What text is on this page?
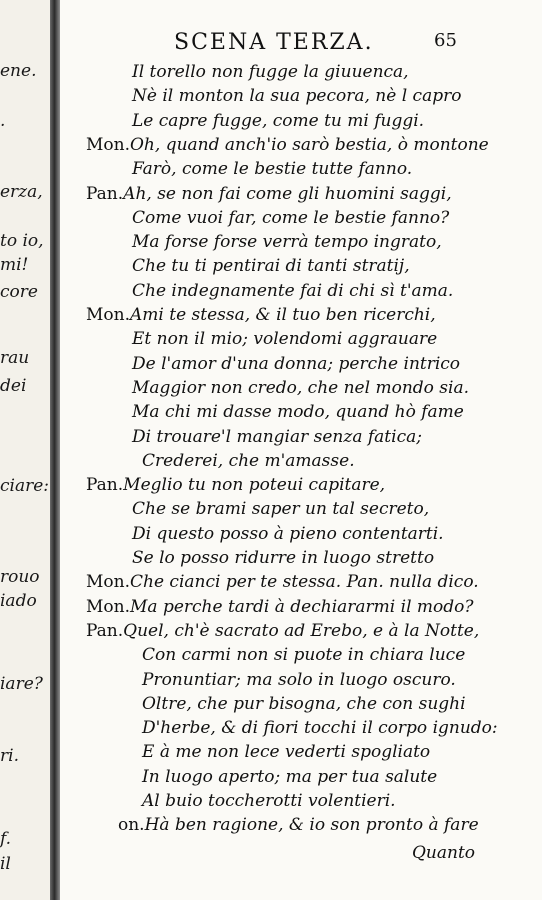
ene.
.
erza,
to io,
mi!
core
rau
dei
ciare:
rouo
iado
iare?
ri.
f.
il
SCENA TERZA.	65
Il torello non fugge la giuuenca,
Nè il monton la sua pecora, nè l capro
Le capre fugge, come tu mi fuggi.
Mon.Oh, quand anch'io sarò bestia, ò montone
Farò, come le bestie tutte fanno.
Pan.Ah, se non fai come gli huomini saggi,
Come vuoi far, come le bestie fanno?
Ma forse forse verrà tempo ingrato,
Che tu ti pentirai di tanti stratij,
Che indegnamente fai di chi sì t'ama.
Mon.Ami te stessa, & il tuo ben ricerchi,
Et non il mio; volendomi aggrauare
De l'amor d'una donna; perche intrico
Maggior non credo, che nel mondo sia.
Ma chi mi dasse modo, quand hò fame
Di trouare'l mangiar senza fatica;
Crederei, che m'amasse.
Pan.Meglio tu non poteui capitare,
Che se brami saper un tal secreto,
Di questo posso à pieno contentarti.
Se lo posso ridurre in luogo stretto
Mon.Che cianci per te stessa. Pan. nulla dico.
Mon.Ma perche tardi à dechiararmi il modo?
Pan.Quel, ch'è sacrato ad Erebo, e à la Notte,
Con carmi non si puote in chiara luce
Pronuntiar; ma solo in luogo oscuro.
Oltre, che pur bisogna, che con sughi
D'herbe, & di fiori tocchi il corpo ignudo:
E à me non lece vederti spogliato
In luogo aperto; ma per tua salute
Al buio toccherotti volentieri.
on.Hà ben ragione, & io son pronto à fare
Quanto
